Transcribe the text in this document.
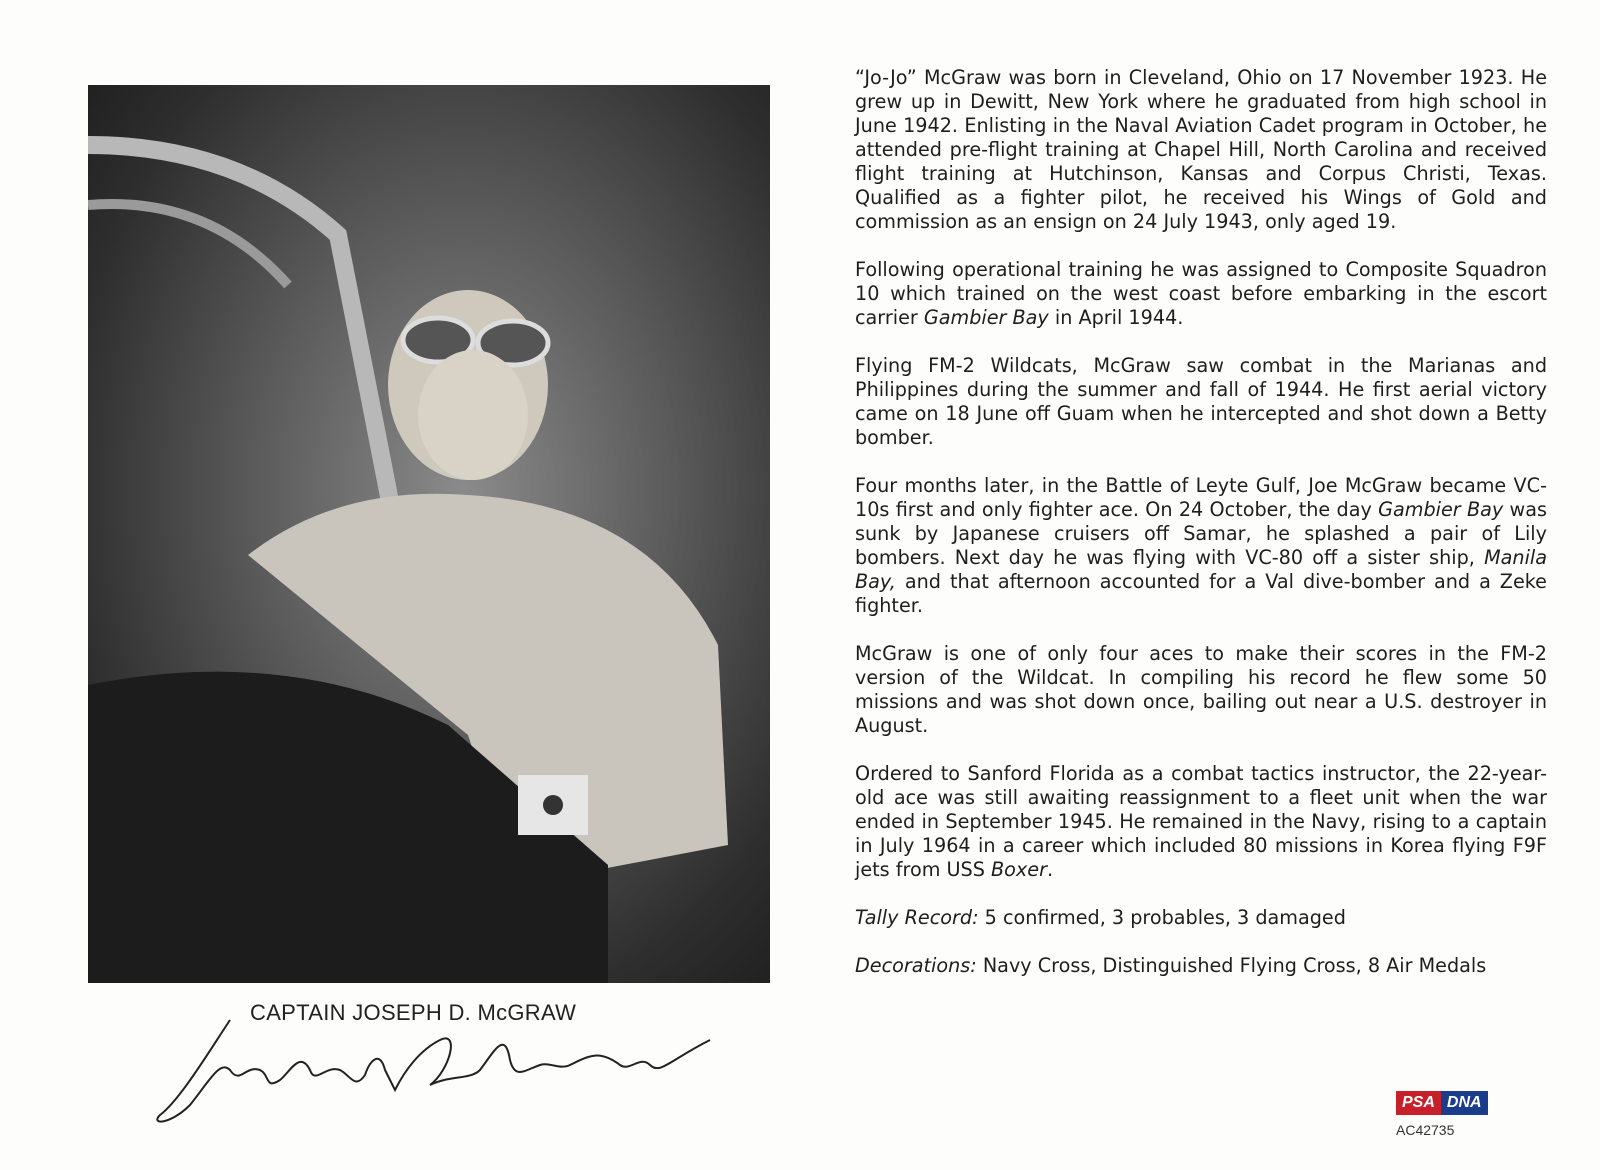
CAPTAIN JOSEPH D. McGRAW

“Jo-Jo” McGraw was born in Cleveland, Ohio on 17 November 1923. He grew up in Dewitt, New York where he graduated from high school in June 1942. Enlisting in the Naval Aviation Cadet program in October, he attended pre-flight training at Chapel Hill, North Carolina and received flight training at Hutchinson, Kansas and Corpus Christi, Texas. Qualified as a fighter pilot, he received his Wings of Gold and commission as an ensign on 24 July 1943, only aged 19.

Following operational training he was assigned to Composite Squadron 10 which trained on the west coast before embarking in the escort carrier Gambier Bay in April 1944.

Flying FM-2 Wildcats, McGraw saw combat in the Marianas and Philippines during the summer and fall of 1944. He first aerial victory came on 18 June off Guam when he intercepted and shot down a Betty bomber.

Four months later, in the Battle of Leyte Gulf, Joe McGraw became VC-10s first and only fighter ace. On 24 October, the day Gambier Bay was sunk by Japanese cruisers off Samar, he splashed a pair of Lily bombers. Next day he was flying with VC-80 off a sister ship, Manila Bay, and that afternoon accounted for a Val dive-bomber and a Zeke fighter.

McGraw is one of only four aces to make their scores in the FM-2 version of the Wildcat. In compiling his record he flew some 50 missions and was shot down once, bailing out near a U.S. destroyer in August.

Ordered to Sanford Florida as a combat tactics instructor, the 22-year-old ace was still awaiting reassignment to a fleet unit when the war ended in September 1945. He remained in the Navy, rising to a captain in July 1964 in a career which included 80 missions in Korea flying F9F jets from USS Boxer.

Tally Record: 5 confirmed, 3 probables, 3 damaged

Decorations: Navy Cross, Distinguished Flying Cross, 8 Air Medals

PSA DNA
AC42735
